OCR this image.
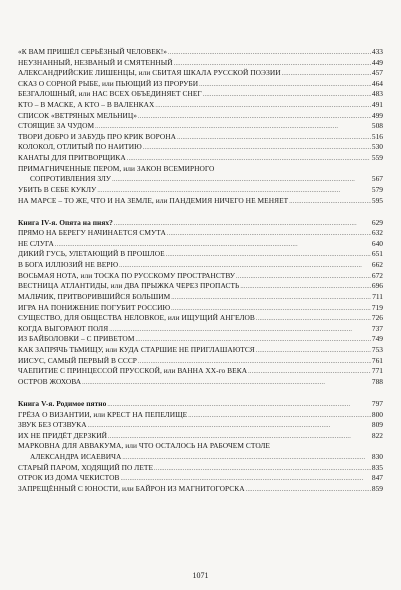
«К ВАМ ПРИШЁЛ СЕРЬЁЗНЫЙ ЧЕЛОВЕК!» . . .	433
НЕУЗНАННЫЙ, НЕЗВАНЫЙ И СМЯТЕННЫЙ . . .	449
АЛЕКСАНДРИЙСКИЕ ЛИШЕНЦЫ, или СБИТАЯ ШКАЛА РУССКОЙ ПОЭЗИИ . . .	457
СКАЗ О СОРНОЙ РЫБЕ, или ПЬЮЩИЙ ИЗ ПРОРУБИ . . .	464
БЕЗГАЛОШНЫЙ, или НАС ВСЕХ ОБЪЕДИНЯЕТ СНЕГ . . .	483
КТО – В МАСКЕ, А КТО – В ВАЛЕНКАХ . . .	491
СПИСОК «ВЕТРЯНЫХ МЕЛЬНИЦ» . . .	499
СТОЯЩИЕ ЗА ЧУДОМ . . .	508
ТВОРИ ДОБРО И ЗАБУДЬ ПРО КРИК ВОРОНА . . .	516
КОЛОКОЛ, ОТЛИТЫЙ ПО НАИТИЮ . . .	530
КАНАТЫ ДЛЯ ПРИТВОРЩИКА . . .	559
ПРИМАГНИЧЕННЫЕ ПЕРОМ, или ЗАКОН ВСЕМИРНОГО
СОПРОТИВЛЕНИЯ ЗЛУ . . .	567
УБИТЬ В СЕБЕ КУКЛУ . . .	579
НА МАРСЕ – ТО ЖЕ, ЧТО И НА ЗЕМЛЕ, или ПАНДЕМИЯ НИЧЕГО НЕ МЕНЯЕТ . . .	595
Книга IV-я. Опята на пнях? . . .	629
ПРЯМО НА БЕРЕГУ НАЧИНАЕТСЯ СМУТА . . .	632
НЕ СЛУГА . . .	640
ДИКИЙ ГУСЬ, УЛЕТАЮЩИЙ В ПРОШЛОЕ . . .	651
В БОГА ИЛЛЮЗИЙ НЕ ВЕРЮ . . .	662
ВОСЬМАЯ НОТА, или ТОСКА ПО РУССКОМУ ПРОСТРАНСТВУ . . .	672
ВЕСТНИЦА АТЛАНТИДЫ, или ДВА ПРЫЖКА ЧЕРЕЗ ПРОПАСТЬ . . .	696
МАЛЬЧИК, ПРИТВОРИВШИЙСЯ БОЛЬШИМ . . .	711
ИГРА НА ПОНИЖЕНИЕ ПОГУБИТ РОССИЮ . . .	719
СУЩЕСТВО, ДЛЯ ОБЩЕСТВА НЕЛОВКОЕ, или ИЩУЩИЙ АНГЕЛОВ . . .	726
КОГДА ВЫГОРАЮТ ПОЛЯ . . .	737
ИЗ БАЙБОЛОВКИ – С ПРИВЕТОМ . . .	749
КАК ЗАПРЯЧЬ ТЬМИЩУ, или КУДА СТАРШИЕ НЕ ПРИГЛАШАЮТСЯ . . .	753
ИИСУС, САМЫЙ ПЕРВЫЙ В СССР . . .	761
ЧАЕПИТИЕ С ПРИНЦЕССОЙ ПРУССКОЙ, или ВАННА ХХ-го ВЕКА . . .	771
ОСТРОВ ЖОХОВА . . .	788
Книга V-я. Родимое пятно . . .	797
ГРЁЗА О ВИЗАНТИИ, или КРЕСТ НА ПЕПЕЛИЩЕ . . .	800
ЗВУК БЕЗ ОТЗВУКА . . .	809
ИХ НЕ ПРИДЁТ ДЕРЗКИЙ . . .	822
МАРКОВНА ДЛЯ АВВАКУМА, или ЧТО ОСТАЛОСЬ НА РАБОЧЕМ СТОЛЕ
АЛЕКСАНДРА ИСАЕВИЧА . . .	830
СТАРЫЙ ПАРОМ, ХОДЯЩИЙ ПО ЛЕТЕ . . .	835
ОТРОК ИЗ ДОМА ЧЕКИСТОВ . . .	847
ЗАПРЕЩЁННЫЙ С ЮНОСТИ, или БАЙРОН ИЗ МАГНИТОГОРСКА . . .	859
1071
